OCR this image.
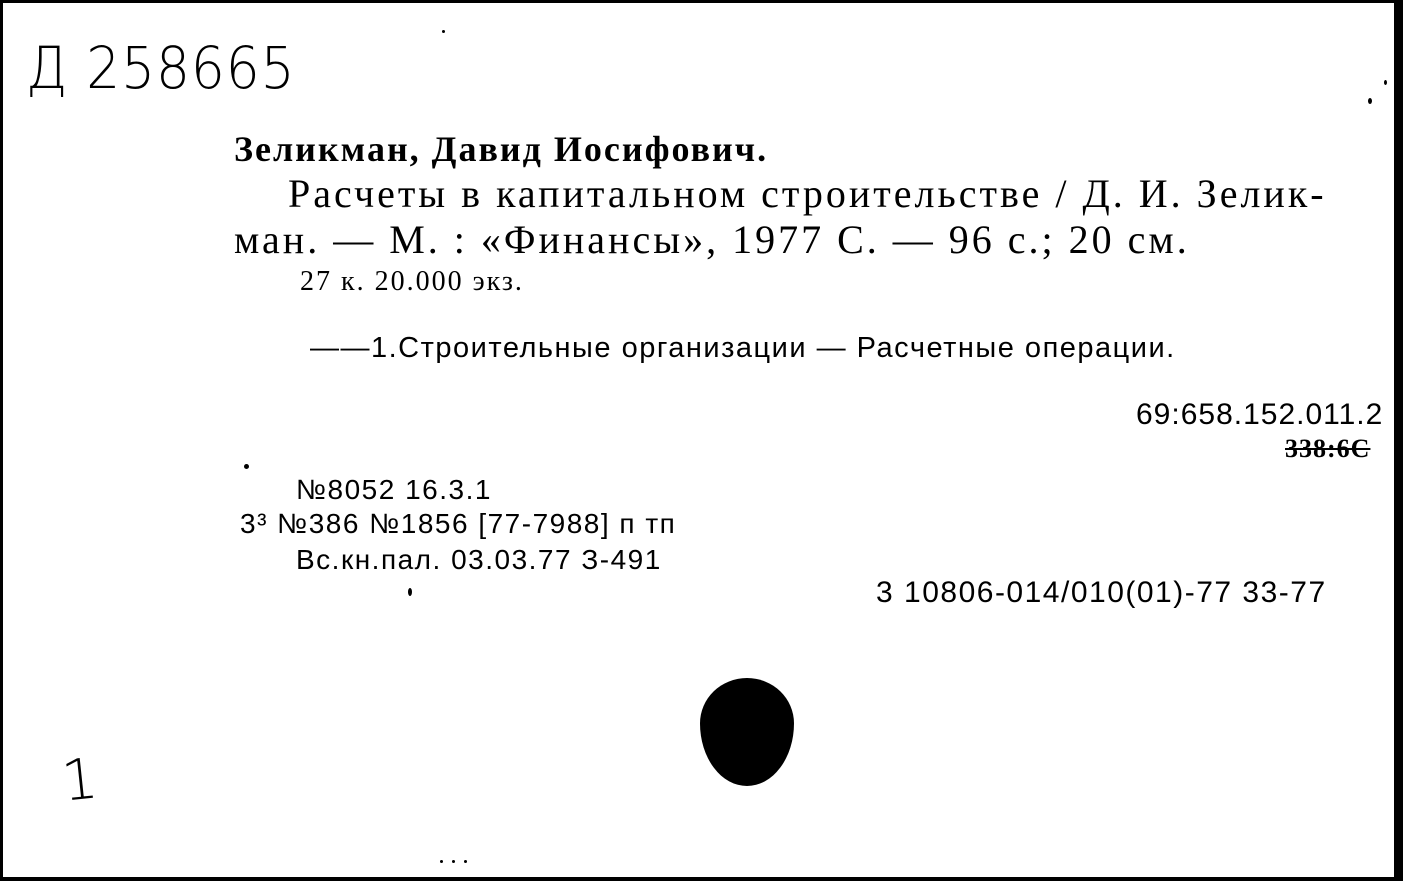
Д 258665
Зеликман, Давид Иосифович.
Расчеты в капитальном строительстве / Д. И. Зелик-
ман. — М. : «Финансы», 1977 С. — 96 с.; 20 см.
27 к. 20.000 экз.
——1.Строительные организации — Расчетные операции.
69:658.152.011.2
338:6С
№8052 16.3.1
3³ №386 №1856 [77-7988] п тп
Вс.кн.пал. 03.03.77 З-491
3 10806-014/010(01)-77 33-77
1
